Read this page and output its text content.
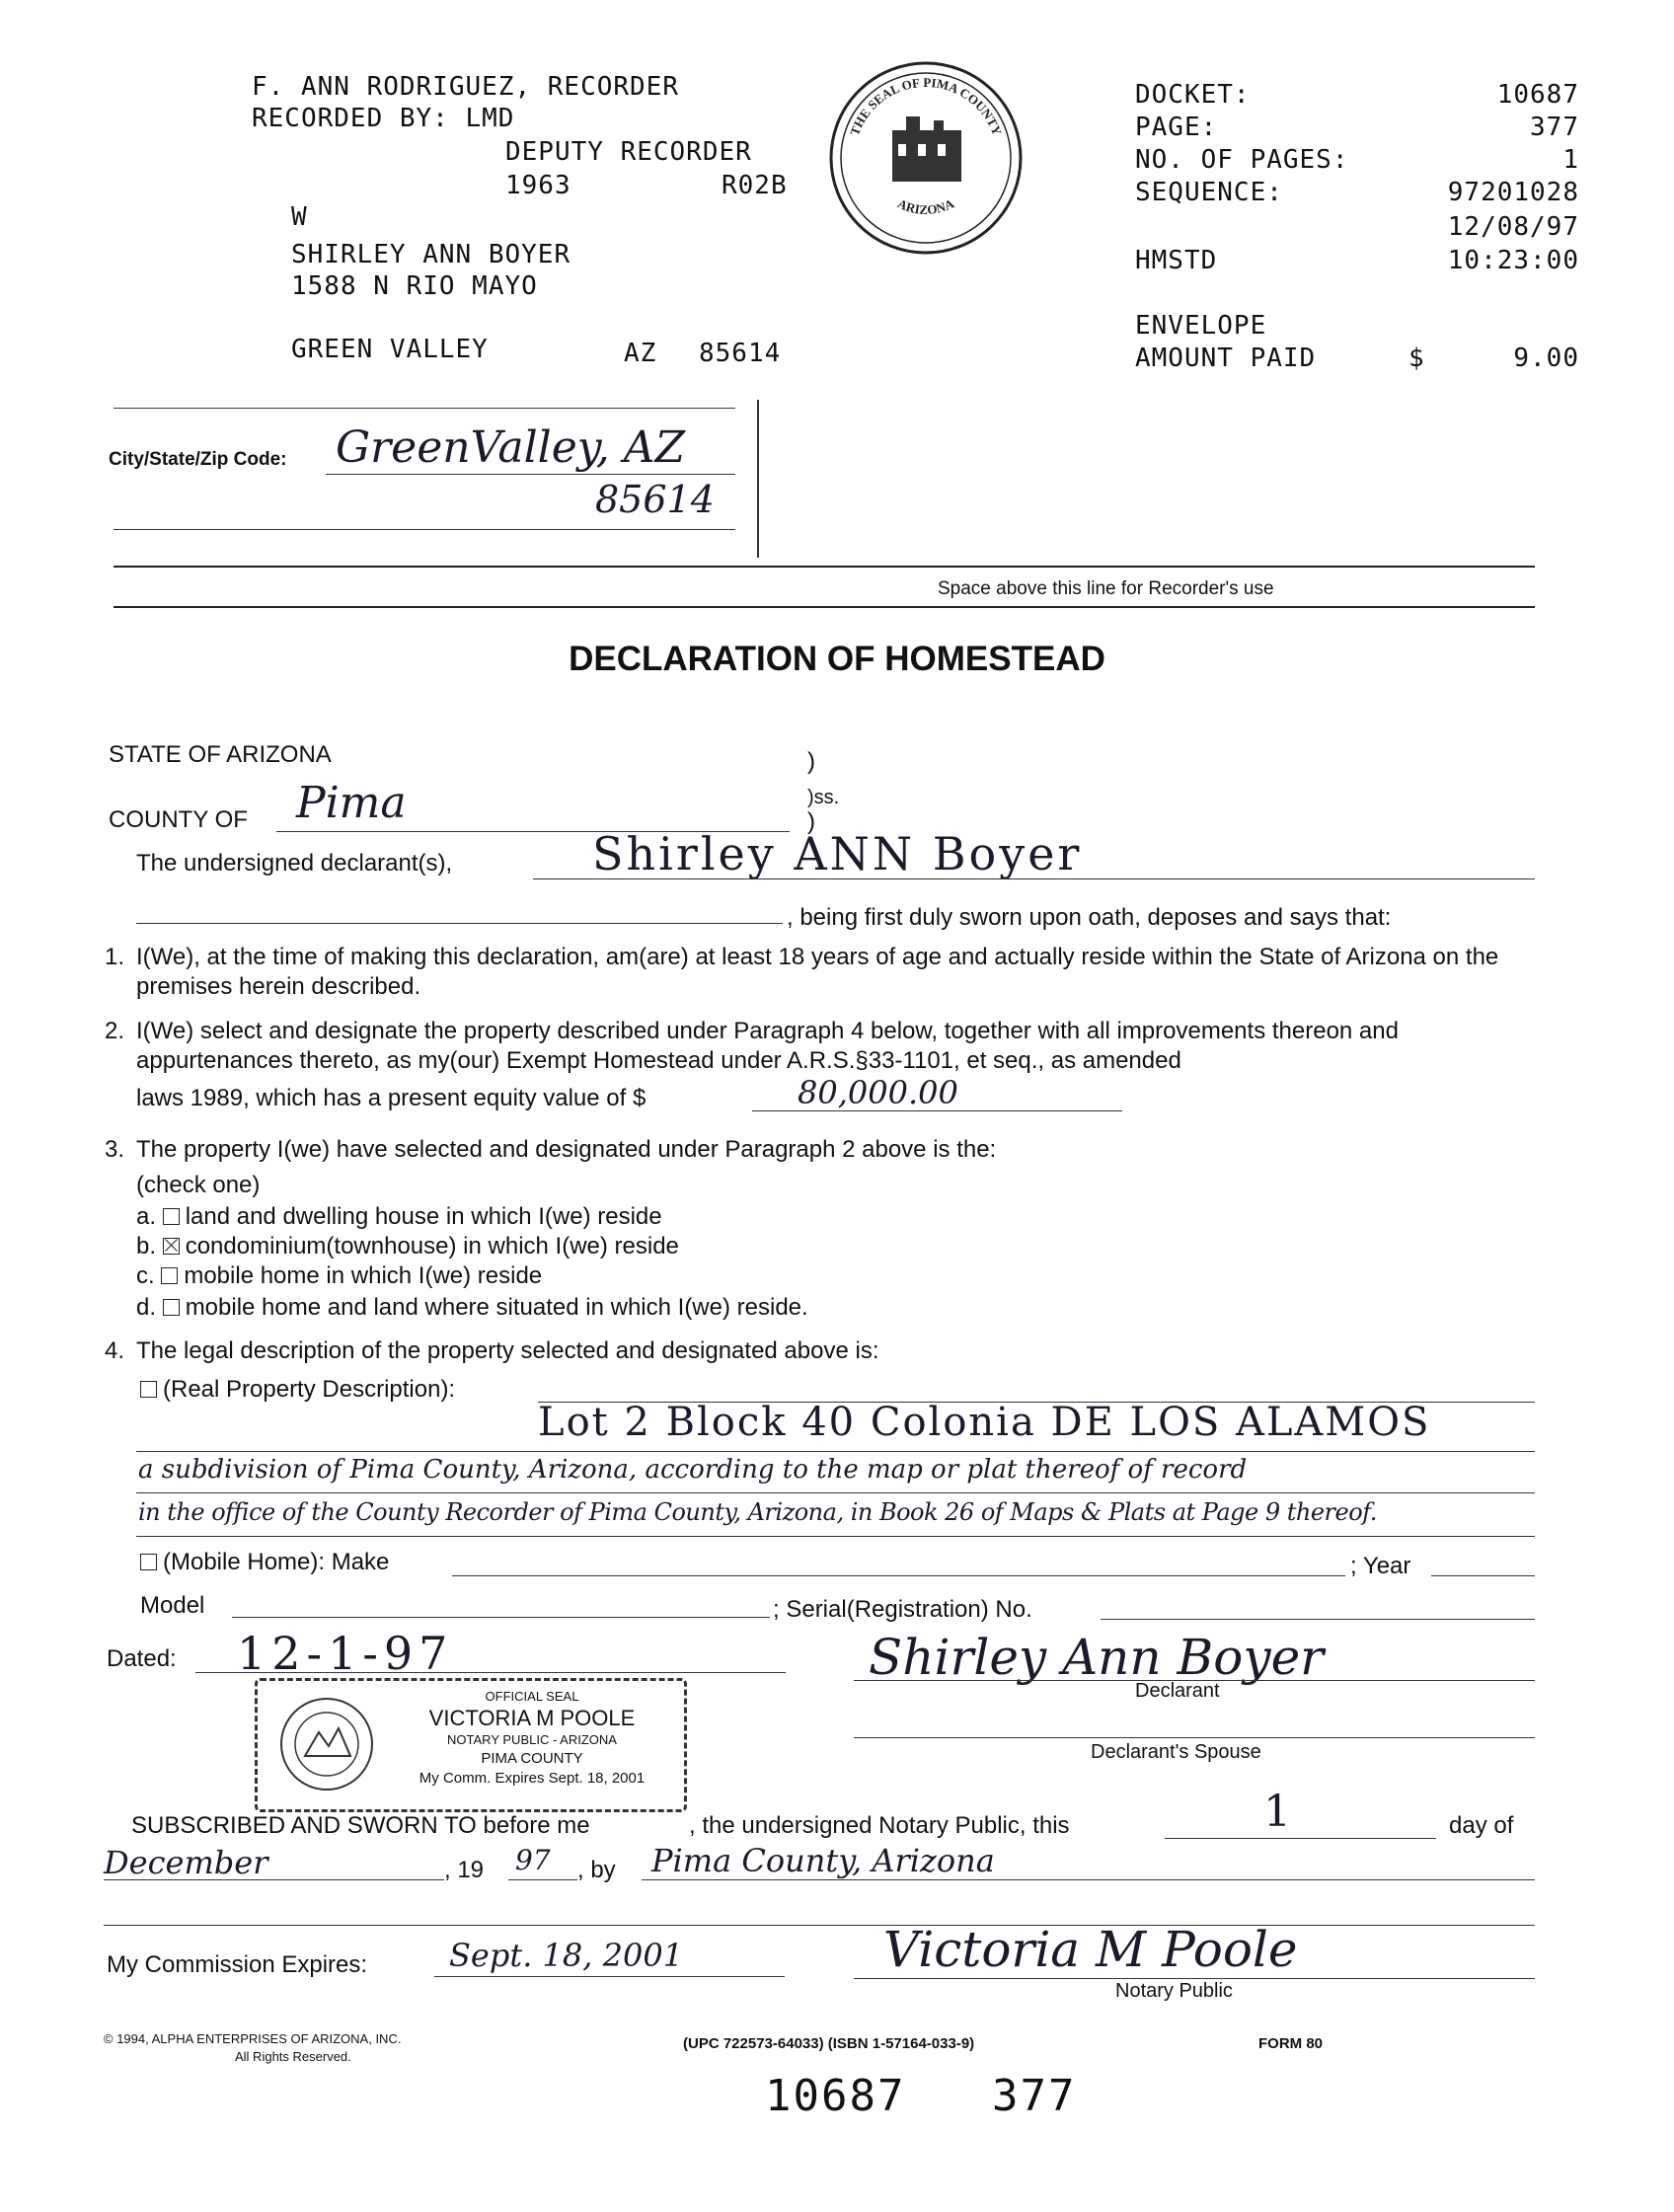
F. ANN RODRIGUEZ, RECORDER
RECORDED BY: LMD
DEPUTY RECORDER
1963	R02B
W
SHIRLEY ANN BOYER
1588 N RIO MAYO
GREEN VALLEY	AZ 85614
THE SEAL OF PIMA COUNTY
ARIZONA
DOCKET:	10687
PAGE:	377
NO. OF PAGES:	1
SEQUENCE:	97201028
12/08/97
HMSTD	10:23:00
ENVELOPE
AMOUNT PAID	$	9.00
City/State/Zip Code: GreenValley, AZ
85614
Space above this line for Recorder's use
DECLARATION OF HOMESTEAD
STATE OF ARIZONA	)
COUNTY OF Pima	)ss.
)
The undersigned declarant(s),	Shirley ANN Boyer
, being first duly sworn upon oath, deposes and says that:
1. I(We), at the time of making this declaration, am(are) at least 18 years of age and actually reside within the State of Arizona on the premises herein described.
2. I(We) select and designate the property described under Paragraph 4 below, together with all improvements thereon and appurtenances thereto, as my(our) Exempt Homestead under A.R.S.§33-1101, et seq., as amended
laws 1989, which has a present equity value of $	80,000.00
3. The property I(we) have selected and designated under Paragraph 2 above is the:
(check one)
a. land and dwelling house in which I(we) reside
b. condominium(townhouse) in which I(we) reside
c. mobile home in which I(we) reside
d. mobile home and land where situated in which I(we) reside.
4. The legal description of the property selected and designated above is:
(Real Property Description):
Lot 2 Block 40 Colonia DE LOS ALAMOS
a subdivision of Pima County, Arizona, according to the map or plat thereof of record
in the office of the County Recorder of Pima County, Arizona, in Book 26 of Maps & Plats at Page 9 thereof.
(Mobile Home): Make	; Year
Model	; Serial(Registration) No.
Dated: 12-1-97	Shirley Ann Boyer
Declarant
Declarant's Spouse
OFFICIAL SEAL
VICTORIA M POOLE
NOTARY PUBLIC - ARIZONA
PIMA COUNTY
My Comm. Expires Sept. 18, 2001
SUBSCRIBED AND SWORN TO before me	, the undersigned Notary Public, this	1	day of
December	, 19 97 , by Pima County, Arizona
My Commission Expires:	Sept. 18, 2001	Victoria M Poole
Notary Public
© 1994, ALPHA ENTERPRISES OF ARIZONA, INC.
All Rights Reserved.
(UPC 722573-64033) (ISBN 1-57164-033-9)	FORM 80
10687 377
